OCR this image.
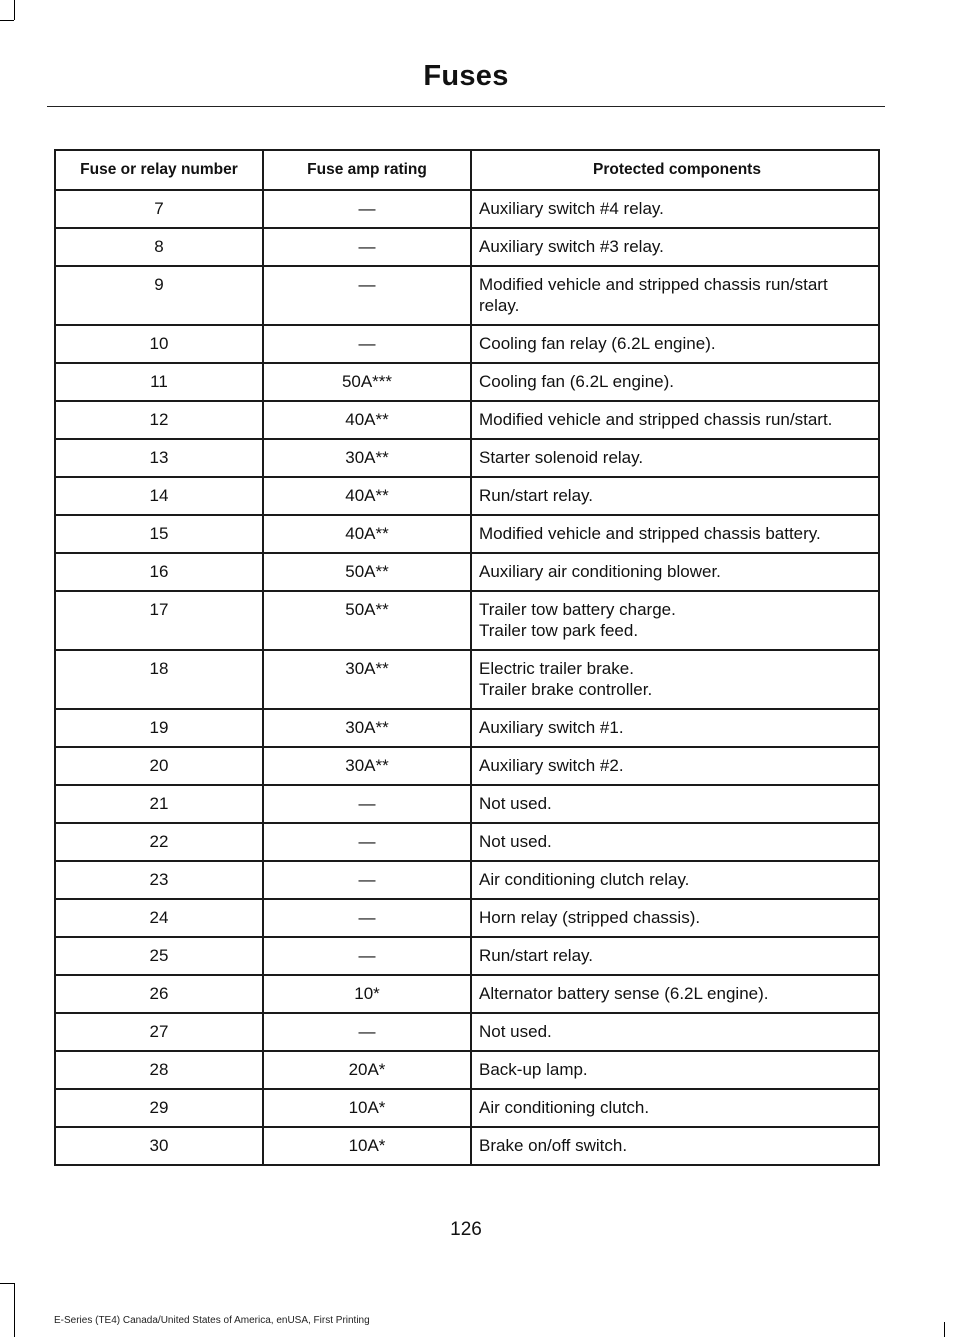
Fuses
Fuse or relay number	Fuse amp rating	Protected components
7	—	Auxiliary switch #4 relay.

8	—	Auxiliary switch #3 relay.

9	—	Modified vehicle and stripped chassis run/start relay.

10	—	Cooling fan relay (6.2L engine).

11	50A***	Cooling fan (6.2L engine).

12	40A**	Modified vehicle and stripped chassis run/start.

13	30A**	Starter solenoid relay.

14	40A**	Run/start relay.

15	40A**	Modified vehicle and stripped chassis battery.

16	50A**	Auxiliary air conditioning blower.

17	50A**	Trailer tow battery charge.
Trailer tow park feed.

18	30A**	Electric trailer brake.
Trailer brake controller.

19	30A**	Auxiliary switch #1.

20	30A**	Auxiliary switch #2.

21	—	Not used.

22	—	Not used.

23	—	Air conditioning clutch relay.

24	—	Horn relay (stripped chassis).

25	—	Run/start relay.

26	10*	Alternator battery sense (6.2L engine).

27	—	Not used.

28	20A*	Back-up lamp.

29	10A*	Air conditioning clutch.

30	10A*	Brake on/off switch.
126
E-Series (TE4) Canada/United States of America, enUSA, First Printing
